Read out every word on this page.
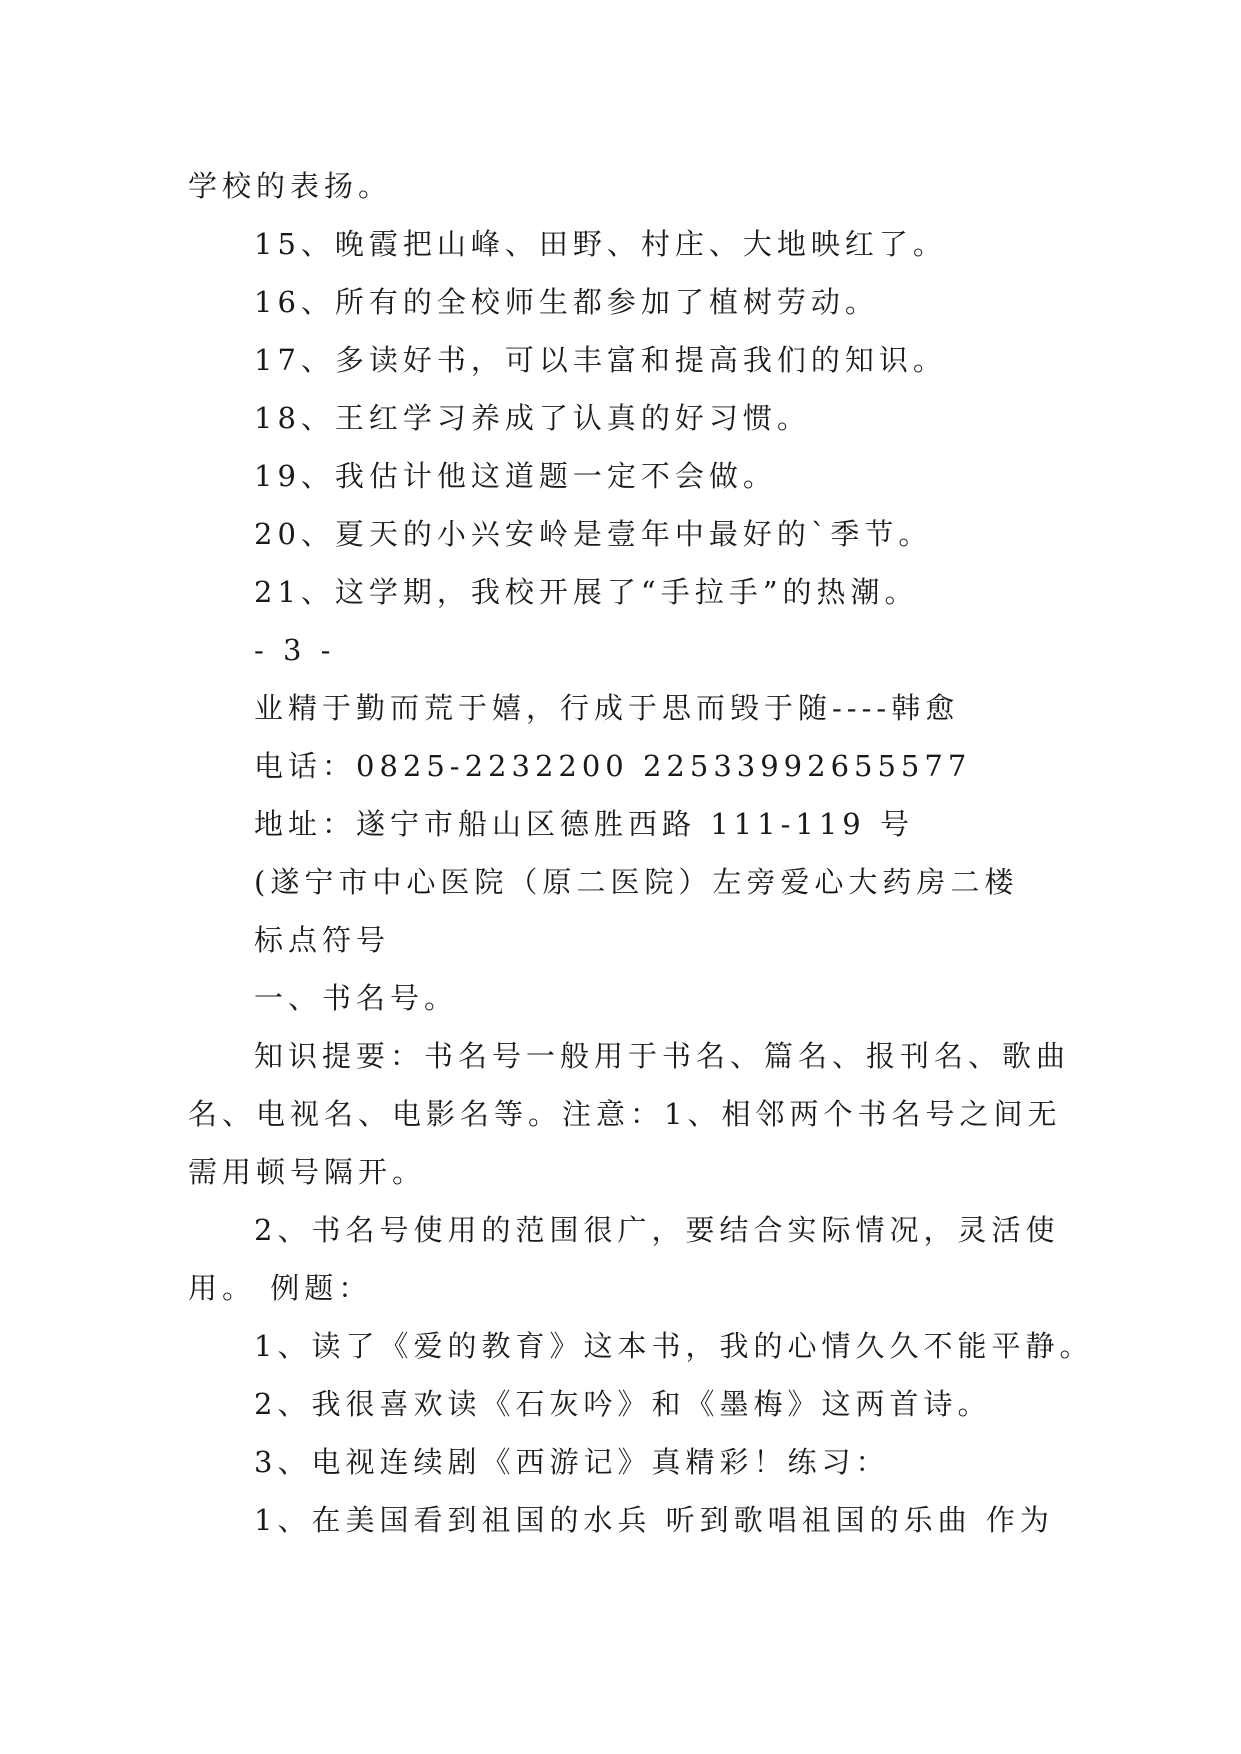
学校的表扬。
15、晚霞把山峰、田野、村庄、大地映红了。
16、所有的全校师生都参加了植树劳动。
17、多读好书，可以丰富和提高我们的知识。
18、王红学习养成了认真的好习惯。
19、我估计他这道题一定不会做。
20、夏天的小兴安岭是壹年中最好的`季节。
21、这学期，我校开展了“手拉手”的热潮。
- 3 -
业精于勤而荒于嬉，行成于思而毁于随----韩愈
电话：0825-2232200 22533992655577
地址：遂宁市船山区德胜西路 111-119 号
(遂宁市中心医院（原二医院）左旁爱心大药房二楼
标点符号
一、书名号。
知识提要：书名号一般用于书名、篇名、报刊名、歌曲
名、电视名、电影名等。注意：1、相邻两个书名号之间无
需用顿号隔开。
2、书名号使用的范围很广，要结合实际情况，灵活使
用。 例题：
1、读了《爱的教育》这本书，我的心情久久不能平静。
2、我很喜欢读《石灰吟》和《墨梅》这两首诗。
3、电视连续剧《西游记》真精彩！练习：
1、在美国看到祖国的水兵 听到歌唱祖国的乐曲 作为
